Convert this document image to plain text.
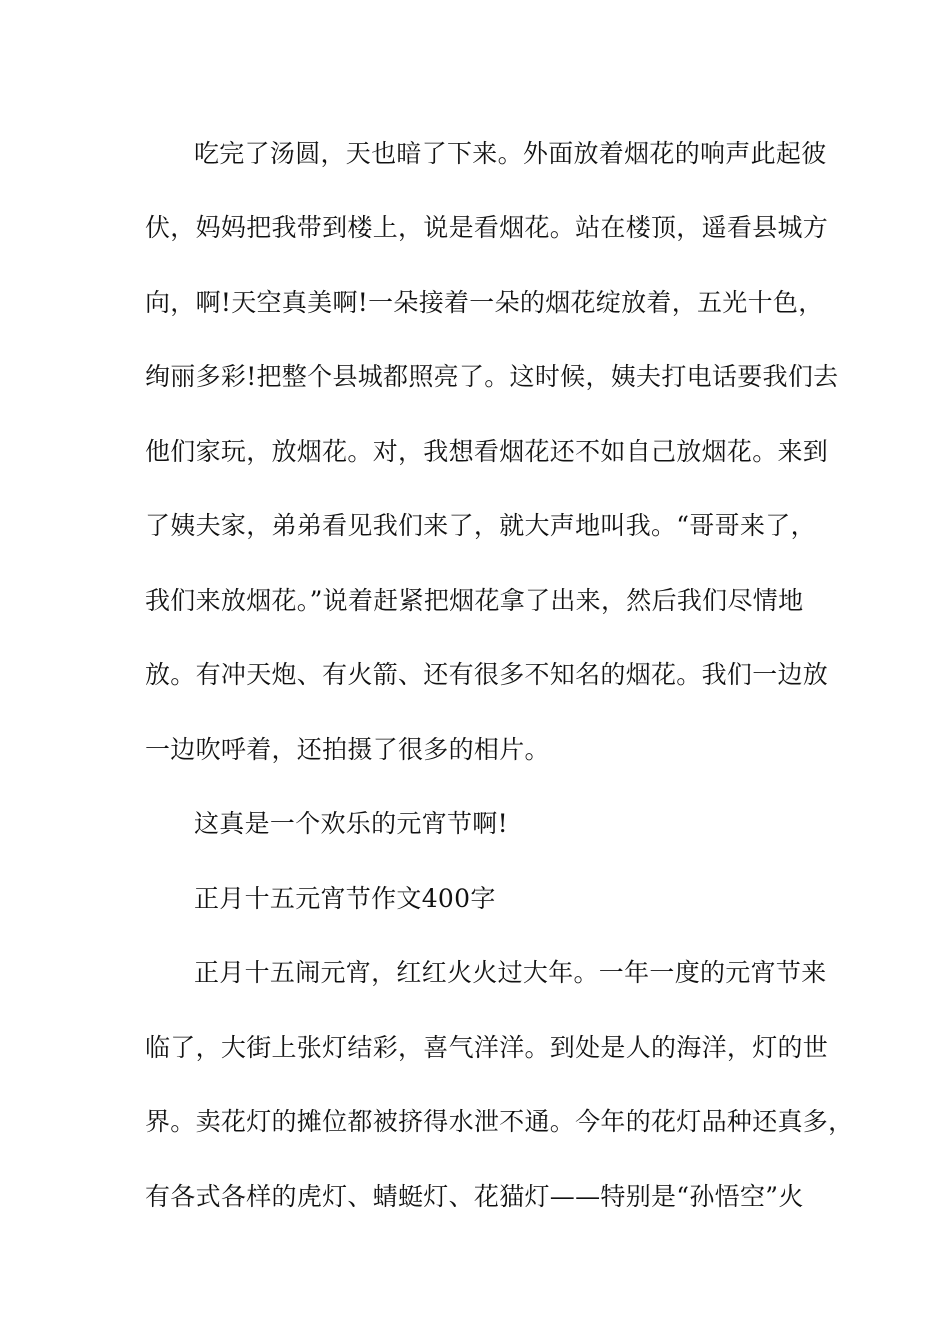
吃完了汤圆，天也暗了下来。外面放着烟花的响声此起彼
伏，妈妈把我带到楼上，说是看烟花。站在楼顶，遥看县城方
向，啊!天空真美啊!一朵接着一朵的烟花绽放着，五光十色，
绚丽多彩!把整个县城都照亮了。这时候，姨夫打电话要我们去
他们家玩，放烟花。对，我想看烟花还不如自己放烟花。来到
了姨夫家，弟弟看见我们来了，就大声地叫我。“哥哥来了，
我们来放烟花。”说着赶紧把烟花拿了出来，然后我们尽情地
放。有冲天炮、有火箭、还有很多不知名的烟花。我们一边放
一边吹呼着，还拍摄了很多的相片。
这真是一个欢乐的元宵节啊!
正月十五元宵节作文400字
正月十五闹元宵，红红火火过大年。一年一度的元宵节来
临了，大街上张灯结彩，喜气洋洋。到处是人的海洋，灯的世
界。卖花灯的摊位都被挤得水泄不通。今年的花灯品种还真多，
有各式各样的虎灯、蜻蜓灯、花猫灯——特别是“孙悟空”火
